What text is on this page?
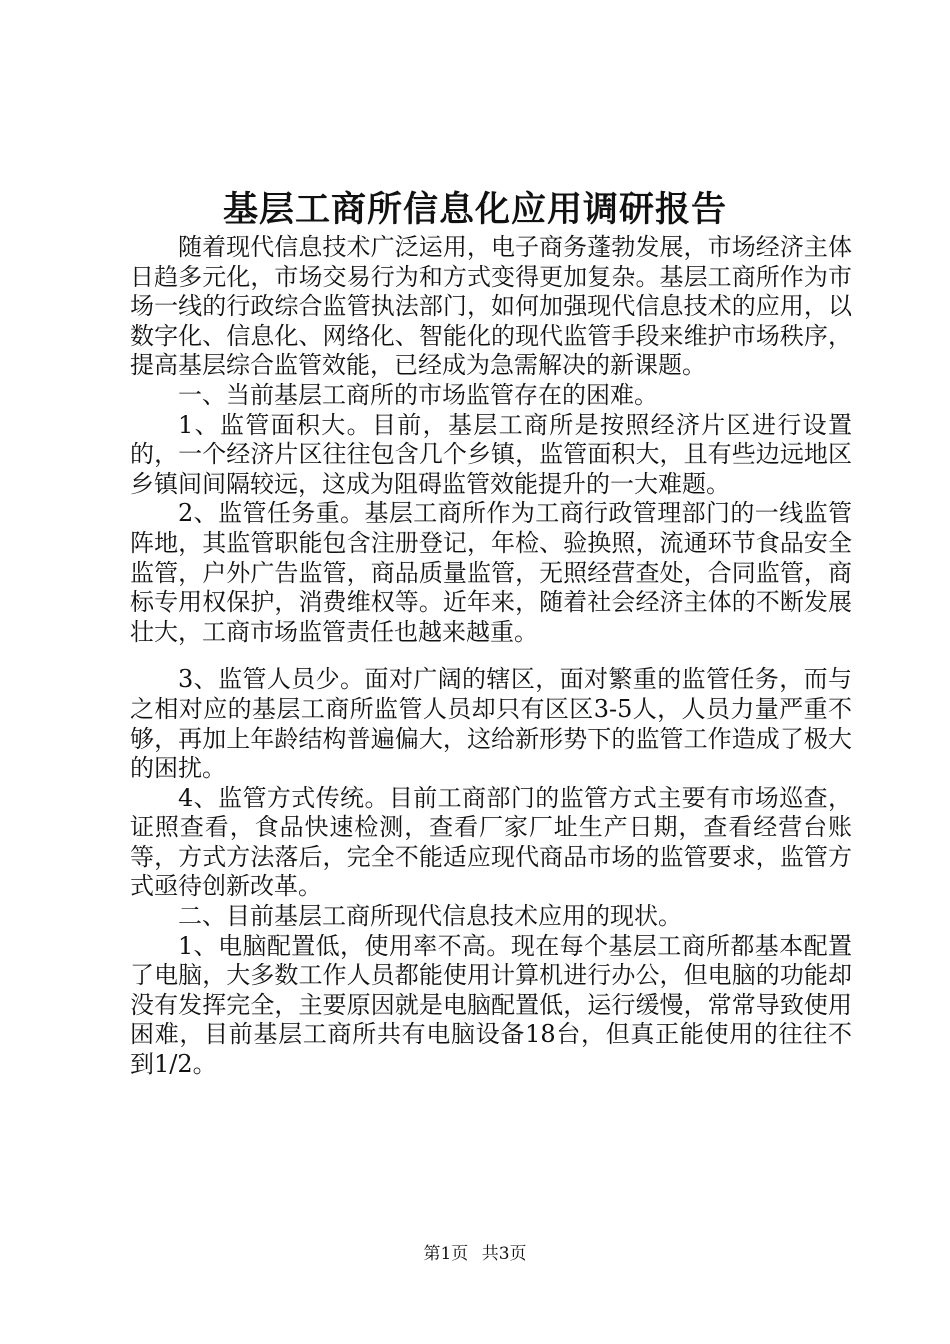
基层工商所信息化应用调研报告

随着现代信息技术广泛运用，电子商务蓬勃发展，市场经济主体日趋多元化，市场交易行为和方式变得更加复杂。基层工商所作为市场一线的行政综合监管执法部门，如何加强现代信息技术的应用，以数字化、信息化、网络化、智能化的现代监管手段来维护市场秩序，提高基层综合监管效能，已经成为急需解决的新课题。

一、当前基层工商所的市场监管存在的困难。

1、监管面积大。目前，基层工商所是按照经济片区进行设置的，一个经济片区往往包含几个乡镇，监管面积大，且有些边远地区乡镇间间隔较远，这成为阻碍监管效能提升的一大难题。

2、监管任务重。基层工商所作为工商行政管理部门的一线监管阵地，其监管职能包含注册登记，年检、验换照，流通环节食品安全监管，户外广告监管，商品质量监管，无照经营查处，合同监管，商标专用权保护，消费维权等。近年来，随着社会经济主体的不断发展壮大，工商市场监管责任也越来越重。

3、监管人员少。面对广阔的辖区，面对繁重的监管任务，而与之相对应的基层工商所监管人员却只有区区3-5人，人员力量严重不够，再加上年龄结构普遍偏大，这给新形势下的监管工作造成了极大的困扰。

4、监管方式传统。目前工商部门的监管方式主要有市场巡查，证照查看，食品快速检测，查看厂家厂址生产日期，查看经营台账等，方式方法落后，完全不能适应现代商品市场的监管要求，监管方式亟待创新改革。

二、目前基层工商所现代信息技术应用的现状。

1、电脑配置低，使用率不高。现在每个基层工商所都基本配置了电脑，大多数工作人员都能使用计算机进行办公，但电脑的功能却没有发挥完全，主要原因就是电脑配置低，运行缓慢，常常导致使用困难，目前基层工商所共有电脑设备18台，但真正能使用的往往不到1/2。

第1页 共3页
